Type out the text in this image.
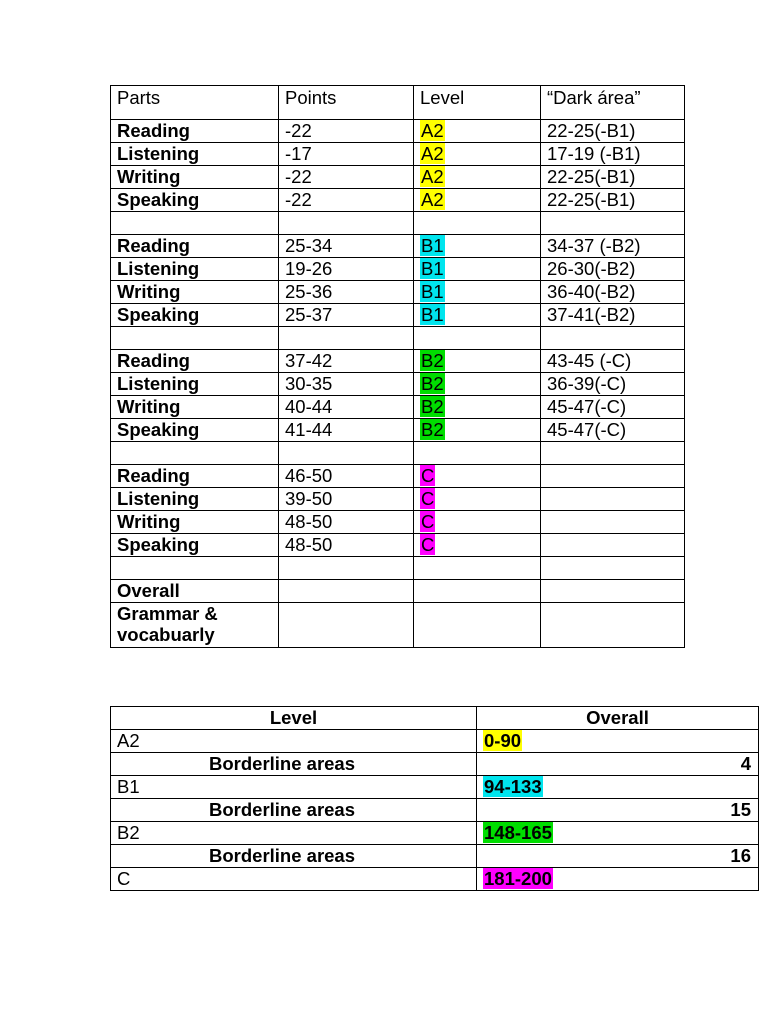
Parts	Points	Level	“Dark área”
Reading	-22	A2	22-25(-B1)
Listening	-17	A2	17-19 (-B1)
Writing	-22	A2	22-25(-B1)
Speaking	-22	A2	22-25(-B1)

Reading	25-34	B1	34-37 (-B2)
Listening	19-26	B1	26-30(-B2)
Writing	25-36	B1	36-40(-B2)
Speaking	25-37	B1	37-41(-B2)

Reading	37-42	B2	43-45 (-C)
Listening	30-35	B2	36-39(-C)
Writing	40-44	B2	45-47(-C)
Speaking	41-44	B2	45-47(-C)

Reading	46-50	C	
Listening	39-50	C	
Writing	48-50	C	
Speaking	48-50	C	

Overall			
Grammar & vocabuarly			
Level	Overall
A2	0-90
Borderline areas	4
B1	94-133
Borderline areas	15
B2	148-165
Borderline areas	16
C	181-200
